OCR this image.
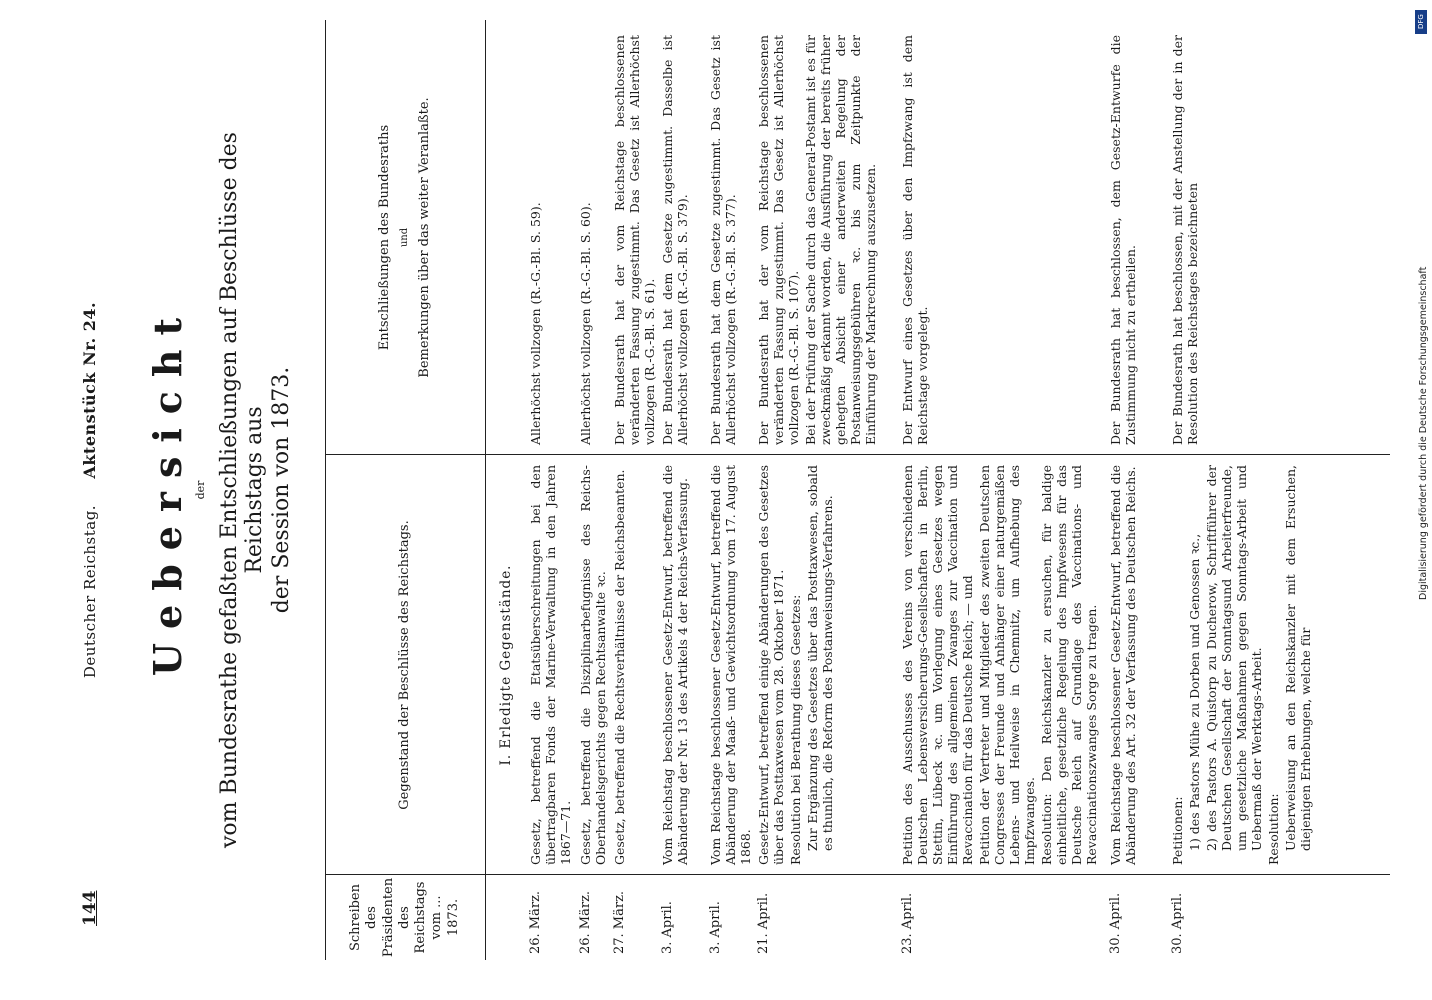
DFG
Digitalisierung gefördert durch die Deutsche Forschungsgemeinschaft
144
Deutscher Reichstag.     Aktenstück Nr. 24. Uebersicht der vom Bundesrathe gefaßten Entschließungen auf Beschlüsse des Reichstags aus der Session von 1873.
Schreiben des Präsidenten des Reichstags vom ... 1873.
Gegenstand der Beschlüsse des Reichstags.
Entschließungen des Bundesraths und Bemerkungen über das weiter Veranlaßte.
I. Erledigte Gegenstände.
26. März.

Gesetz, betreffend die Etatsüberschreitungen bei den übertragbaren Fonds der Marine-Verwaltung in den Jahren 1867—71.

Allerhöchst vollzogen (R.-G.-Bl. S. 59).

26. März.

Gesetz, betreffend die Disziplinarbefugnisse des Reichs-Oberhandelsgerichts gegen Rechtsanwalte ꝛc.

Allerhöchst vollzogen (R.-G.-Bl. S. 60).

27. März.

Gesetz, betreffend die Rechtsverhältnisse der Reichsbeamten.

Der Bundesrath hat der vom Reichstage beschlossenen veränderten Fassung zugestimmt. Das Gesetz ist Allerhöchst vollzogen (R.-G.-Bl. S. 61).

3. April.

Vom Reichstag beschlossener Gesetz-Entwurf, betreffend die Abänderung der Nr. 13 des Artikels 4 der Reichs-Verfassung.

Der Bundesrath hat dem Gesetze zugestimmt. Dasselbe ist Allerhöchst vollzogen (R.-G.-Bl. S. 379).

3. April.

Vom Reichstage beschlossener Gesetz-Entwurf, betreffend die Abänderung der Maaß- und Gewichtsordnung vom 17. August 1868.

Der Bundesrath hat dem Gesetze zugestimmt. Das Gesetz ist Allerhöchst vollzogen (R.-G.-Bl. S. 377).

21. April.

Gesetz-Entwurf, betreffend einige Abänderungen des Gesetzes über das Posttaxwesen vom 28. Oktober 1871. Resolution bei Berathung dieses Gesetzes: Zur Ergänzung des Gesetzes über das Posttaxwesen, sobald es thunlich, die Reform des Postanweisungs-Verfahrens.

Der Bundesrath hat der vom Reichstage beschlossenen veränderten Fassung zugestimmt. Das Gesetz ist Allerhöchst vollzogen (R.-G.-Bl. S. 107). Bei der Prüfung der Sache durch das General-Postamt ist es für zweckmäßig erkannt worden, die Ausführung der bereits früher gehegten Absicht einer anderweiten Regelung der Postanweisungsgebühren ꝛc. bis zum Zeitpunkte der Einführung der Markrechnung auszusetzen.

23. April.

Petition des Ausschusses des Vereins von verschiedenen Deutschen Lebensversicherungs-Gesellschaften in Berlin, Stettin, Lübeck ꝛc. um Vorlegung eines Gesetzes wegen Einführung des allgemeinen Zwanges zur Vaccination und Revaccination für das Deutsche Reich; — und Petition der Vertreter und Mitglieder des zweiten Deutschen Congresses der Freunde und Anhänger einer naturgemäßen Lebens- und Heilweise in Chemnitz, um Aufhebung des Impfzwanges. Resolution: Den Reichskanzler zu ersuchen, für baldige einheitliche, gesetzliche Regelung des Impfwesens für das Deutsche Reich auf Grundlage des Vaccinations- und Revaccinationszwanges Sorge zu tragen.

Der Entwurf eines Gesetzes über den Impfzwang ist dem Reichstage vorgelegt.

30. April.

Vom Reichstage beschlossener Gesetz-Entwurf, betreffend die Abänderung des Art. 32 der Verfassung des Deutschen Reichs.

Der Bundesrath hat beschlossen, dem Gesetz-Entwurfe die Zustimmung nicht zu ertheilen.

30. April.

Petitionen: 1) des Pastors Mühe zu Dorben und Genossen ꝛc., 2) des Pastors A. Quistorp zu Ducherow, Schriftführer der Deutschen Gesellschaft der Sonntagsund Arbeiterfreunde, um gesetzliche Maßnahmen gegen Sonntags-Arbeit und Uebermaß der Werktags-Arbeit. Resolution: Ueberweisung an den Reichskanzler mit dem Ersuchen, diejenigen Erhebungen, welche für

Der Bundesrath hat beschlossen, mit der Anstellung der in der Resolution des Reichstages bezeichneten
